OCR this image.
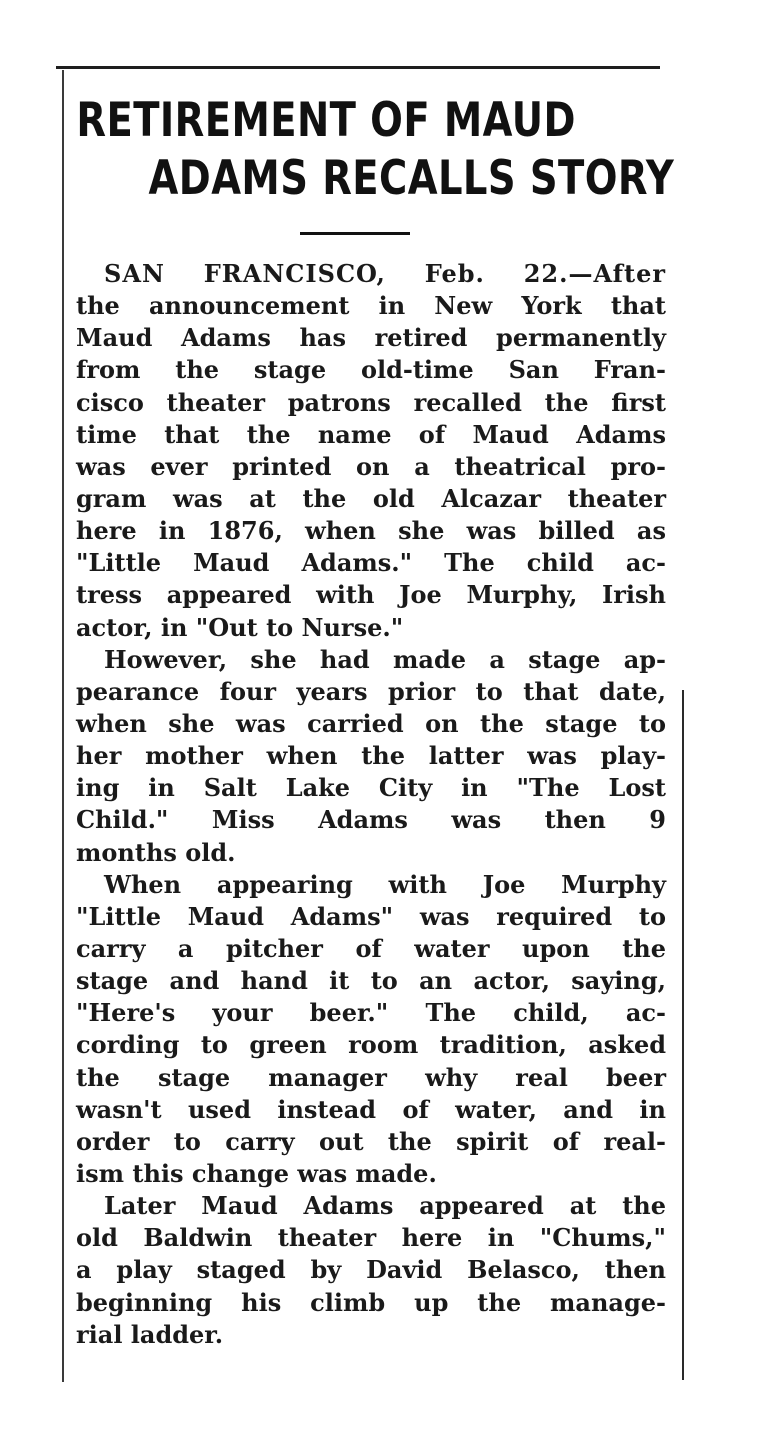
RETIREMENT OF MAUD
ADAMS RECALLS STORY
SAN FRANCISCO, Feb. 22.—After
the announcement in New York that
Maud Adams has retired permanently
from the stage old-time San Fran-
cisco theater patrons recalled the first
time that the name of Maud Adams
was ever printed on a theatrical pro-
gram was at the old Alcazar theater
here in 1876, when she was billed as
"Little Maud Adams." The child ac-
tress appeared with Joe Murphy, Irish
actor, in "Out to Nurse."
However, she had made a stage ap-
pearance four years prior to that date,
when she was carried on the stage to
her mother when the latter was play-
ing in Salt Lake City in "The Lost
Child." Miss Adams was then 9
months old.
When appearing with Joe Murphy
"Little Maud Adams" was required to
carry a pitcher of water upon the
stage and hand it to an actor, saying,
"Here's your beer." The child, ac-
cording to green room tradition, asked
the stage manager why real beer
wasn't used instead of water, and in
order to carry out the spirit of real-
ism this change was made.
Later Maud Adams appeared at the
old Baldwin theater here in "Chums,"
a play staged by David Belasco, then
beginning his climb up the manage-
rial ladder.
